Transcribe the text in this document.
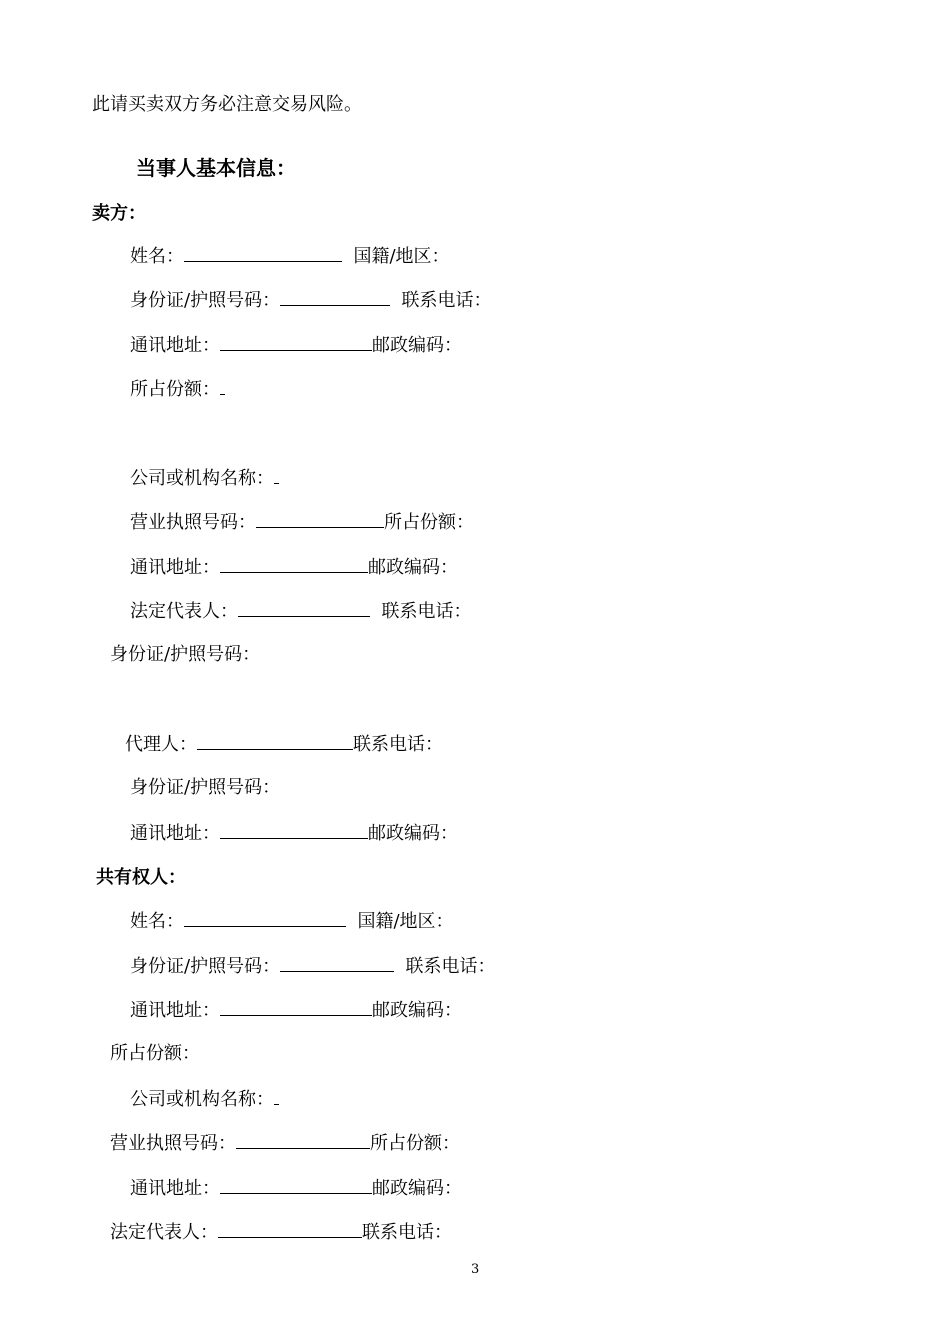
此请买卖双方务必注意交易风险。
当事人基本信息：
卖方：
姓名：	国籍/地区：
身份证/护照号码：	联系电话：
通讯地址：	邮政编码：
所占份额：
公司或机构名称：
营业执照号码：	所占份额：
通讯地址：	邮政编码：
法定代表人：	联系电话：
身份证/护照号码：
代理人：	联系电话：
身份证/护照号码：
通讯地址：	邮政编码：
共有权人：
姓名：	国籍/地区：
身份证/护照号码：	联系电话：
通讯地址：	邮政编码：
所占份额：
公司或机构名称：
营业执照号码：	所占份额：
通讯地址：	邮政编码：
法定代表人：	联系电话：
3
